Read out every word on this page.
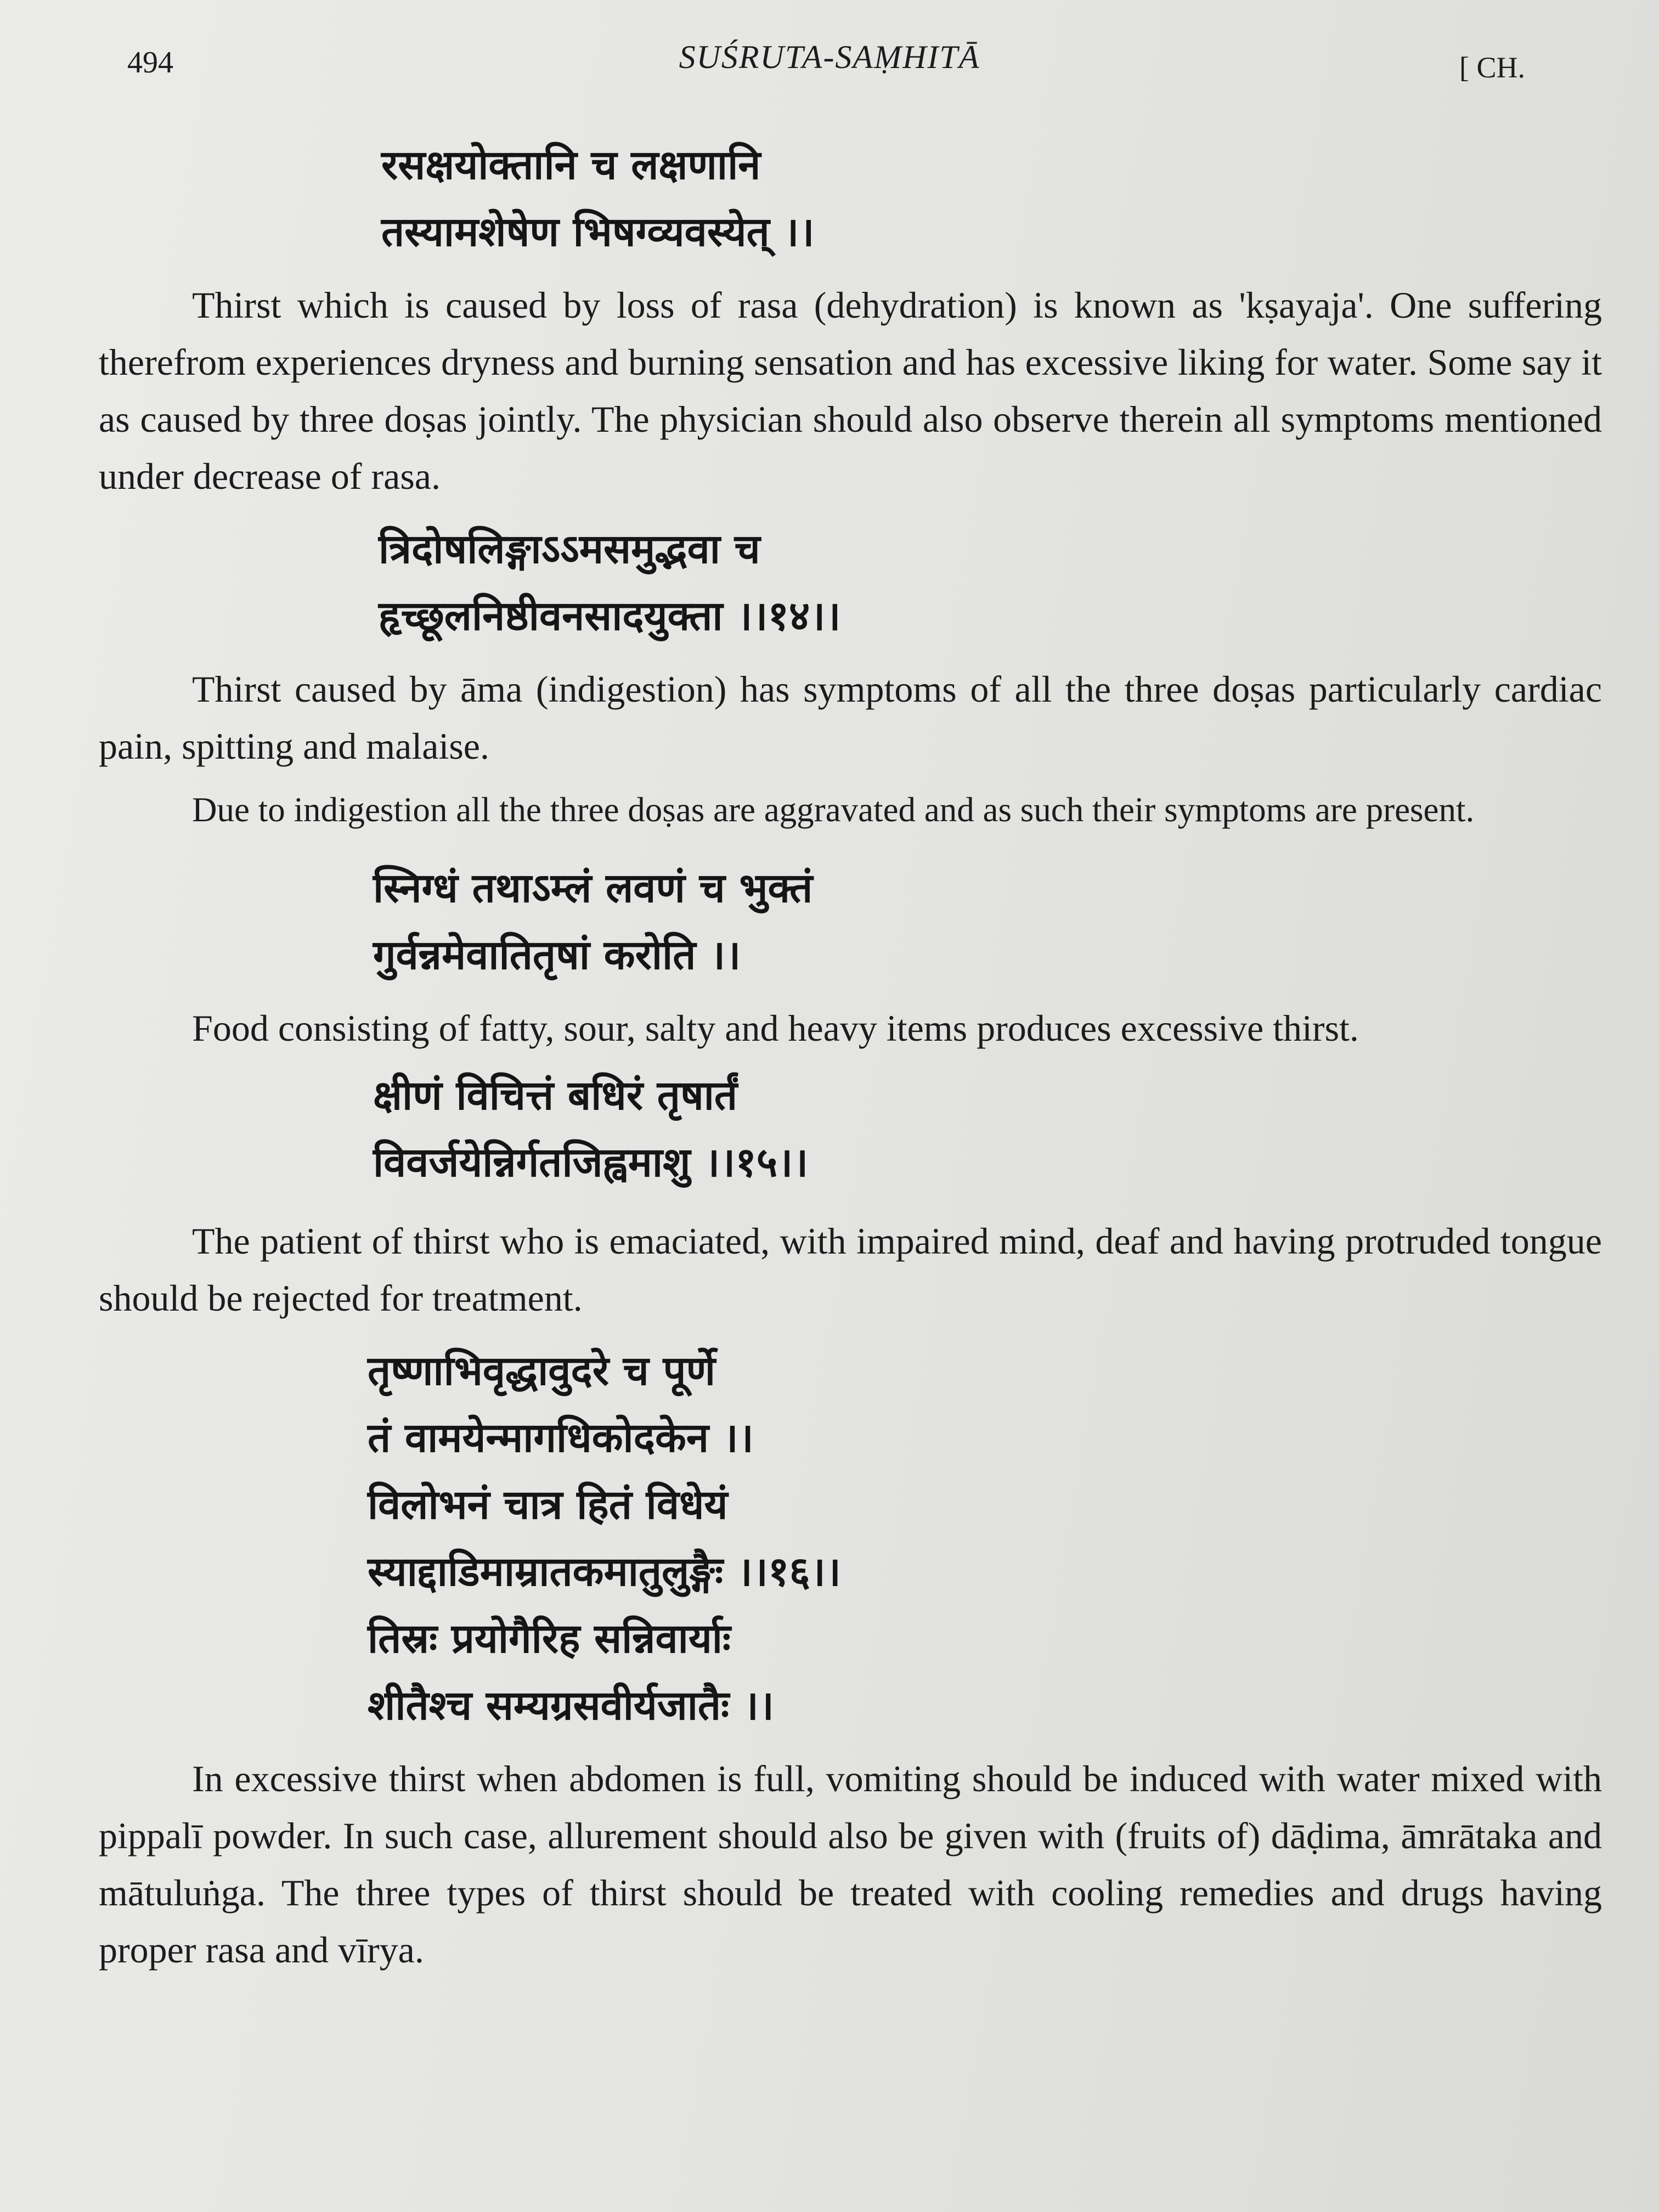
494	SUŚRUTA-SAṂHITĀ	[ CH.
रसक्षयोक्तानि च लक्षणानि
तस्यामशेषेण भिषग्व्यवस्येत् ।।

Thirst which is caused by loss of rasa (dehydration) is known as 'kṣayaja'. One suffering therefrom experiences dryness and burning sensation and has excessive liking for water. Some say it as caused by three doṣas jointly. The physician should also observe therein all symptoms mentioned under decrease of rasa.

त्रिदोषलिङ्गाऽऽमसमुद्भवा च
हृच्छूलनिष्ठीवनसादयुक्ता ।।१४।।

Thirst caused by āma (indigestion) has symptoms of all the three doṣas particularly cardiac pain, spitting and malaise.

Due to indigestion all the three doṣas are aggravated and as such their symptoms are present.

स्निग्धं तथाऽम्लं लवणं च भुक्तं
गुर्वन्नमेवातितृषां करोति ।।

Food consisting of fatty, sour, salty and heavy items produces excessive thirst.

क्षीणं विचित्तं बधिरं तृषार्तं
विवर्जयेन्निर्गतजिह्वमाशु ।।१५।।

The patient of thirst who is emaciated, with impaired mind, deaf and having protruded tongue should be rejected for treatment.

तृष्णाभिवृद्धावुदरे च पूर्णे
तं वामयेन्मागधिकोदकेन ।।
विलोभनं चात्र हितं विधेयं
स्याद्दाडिमाम्रातकमातुलुङ्गैः ।।१६।।
तिस्रः प्रयोगैरिह सन्निवार्याः
शीतैश्च सम्यग्रसवीर्यजातैः ।।

In excessive thirst when abdomen is full, vomiting should be induced with water mixed with pippalī powder. In such case, allurement should also be given with (fruits of) dāḍima, āmrātaka and mātuluṅga. The three types of thirst should be treated with cooling remedies and drugs having proper rasa and vīrya.
